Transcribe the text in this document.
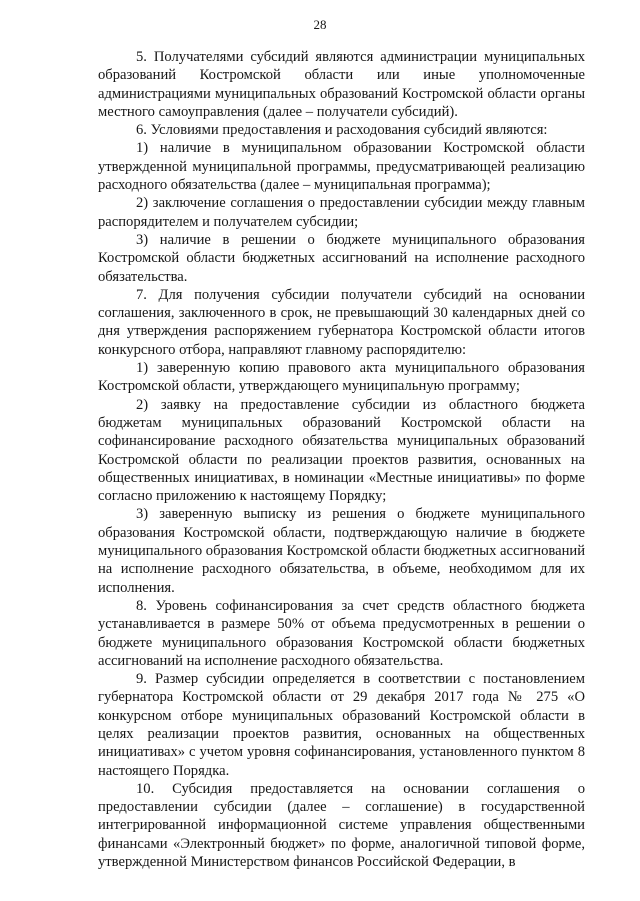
28

5. Получателями субсидий являются администрации муниципальных образований Костромской области или иные уполномоченные администрациями муниципальных образований Костромской области органы местного самоуправления (далее – получатели субсидий).

6. Условиями предоставления и расходования субсидий являются:

1) наличие в муниципальном образовании Костромской области утвержденной муниципальной программы, предусматривающей реализацию расходного обязательства (далее – муниципальная программа);

2) заключение соглашения о предоставлении субсидии между главным распорядителем и получателем субсидии;

3) наличие в решении о бюджете муниципального образования Костромской области бюджетных ассигнований на исполнение расходного обязательства.

7. Для получения субсидии получатели субсидий на основании соглашения, заключенного в срок, не превышающий 30 календарных дней со дня утверждения распоряжением губернатора Костромской области итогов конкурсного отбора, направляют главному распорядителю:

1) заверенную копию правового акта муниципального образования Костромской области, утверждающего муниципальную программу;

2) заявку на предоставление субсидии из областного бюджета бюджетам муниципальных образований Костромской области на софинансирование расходного обязательства муниципальных образований Костромской области по реализации проектов развития, основанных на общественных инициативах, в номинации «Местные инициативы» по форме согласно приложению к настоящему Порядку;

3) заверенную выписку из решения о бюджете муниципального образования Костромской области, подтверждающую наличие в бюджете муниципального образования Костромской области бюджетных ассигнований на исполнение расходного обязательства, в объеме, необходимом для их исполнения.

8. Уровень софинансирования за счет средств областного бюджета устанавливается в размере 50% от объема предусмотренных в решении о бюджете муниципального образования Костромской области бюджетных ассигнований на исполнение расходного обязательства.

9. Размер субсидии определяется в соответствии с постановлением губернатора Костромской области от 29 декабря 2017 года № 275 «О конкурсном отборе муниципальных образований Костромской области в целях реализации проектов развития, основанных на общественных инициативах» с учетом уровня софинансирования, установленного пунктом 8 настоящего Порядка.

10. Субсидия предоставляется на основании соглашения о предоставлении субсидии (далее – соглашение) в государственной интегрированной информационной системе управления общественными финансами «Электронный бюджет» по форме, аналогичной типовой форме, утвержденной Министерством финансов Российской Федерации, в
